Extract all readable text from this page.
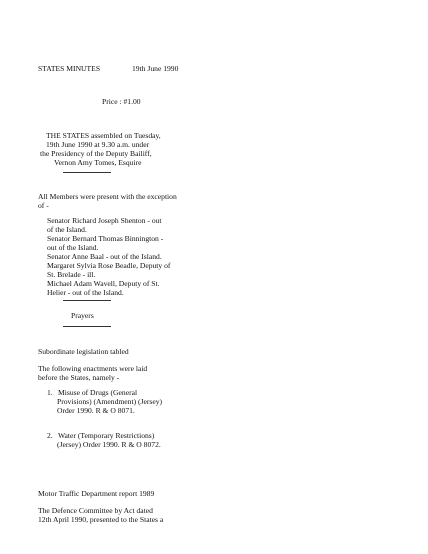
STATES MINUTES	19th June 1990

Price : #1.00

THE STATES assembled on Tuesday,

19th June 1990 at 9.30 a.m. under

the Presidency of the Deputy Bailiff,

Vernon Amy Tomes, Esquire

All Members were present with the exception

of -

Senator Richard Joseph Shenton - out

of the Island.

Senator Bernard Thomas Binnington -

out of the Island.

Senator Anne Baal - out of the Island.

Margaret Sylvia Rose Beadle, Deputy of

St. Brelade - ill.

Michael Adam Wavell, Deputy of St.

Helier - out of the Island.

Prayers

Subordinate legislation tabled

The following enactments were laid

before the States, namely -

1. Misuse of Drugs (General

Provisions) (Amendment) (Jersey)

Order 1990. R & O 8071.

2. Water (Temporary Restrictions)

(Jersey) Order 1990. R & O 8072.

Motor Traffic Department report 1989

The Defence Committee by Act dated

12th April 1990, presented to the States a
